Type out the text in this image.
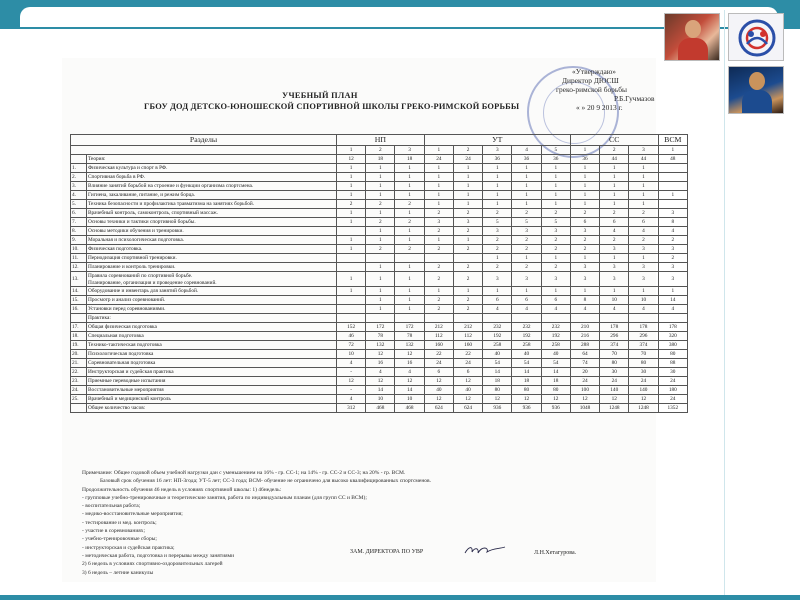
«Утверждаю»
Директор ДЮСШ
греко-римской борьбы
Р.Б.Гучмазов
« » 20 9 2013 г.
УЧЕБНЫЙ ПЛАН
ГБОУ ДОД ДЕТСКО-ЮНОШЕСКОЙ СПОРТИВНОЙ ШКОЛЫ ГРЕКО-РИМСКОЙ БОРЬБЫ
Разделы		НП			УТ					СС			ВСМ
		1	2	3	1	2	3	4	5	1	2	3	1

	Теория:	12	18	18	24	24	36	36	36	36	44	44	48
1.	Физическая культура и спорт в РФ.	1	1	1	1	1	1	1	1	1	1	1	
2.	Спортивная борьба в РФ.	1	1	1	1	1	1	1	1	1	1	1	
3.	Влияние занятий борьбой на строение и функции организма спортсмена.	1	1	1	1	1	1	1	1	1	1	1	
4.	Гигиена, закаливание, питание, и режим борца.	1	1	1	1	1	1	1	1	1	1	1	1
5.	Техника безопасности и профилактика травматизма на занятиях борьбой.	2	2	2	1	1	1	1	1	1	1	1	
6.	Врачебный контроль, самоконтроль, спортивный массаж.	1	1	1	2	2	2	2	2	2	2	2	3
7.	Основы техники и тактики спортивной борьбы.	1	2	2	3	3	5	5	5	6	6	6	8
8.	Основы методики обучения и тренировки.		1	1	2	2	3	3	3	3	4	4	4
9.	Моральная и психологическая подготовка.	1	1	1	1	1	2	2	2	2	2	2	2
10.	Физическая подготовка.	1	2	2	2	2	2	2	2	2	3	3	3
11.	Периодизация спортивной тренировки.						1	1	1	1	1	1	2
12.	Планирование и контроль тренировки.		1	1	2	2	2	2	2	3	3	3	3
13.	Правила соревнований по спортивной борьбе.
Планирование, организация и проведение соревнований.	1	1	1	2	2	3	3	3	3	3	3	3
14.	Оборудование и инвентарь для занятий борьбой.	1	1	1	1	1	1	1	1	1	1	1	1
15.	Просмотр и анализ соревнований.		1	1	2	2	6	6	6	8	10	10	14
16.	Установки перед соревнованиями.		1	1	2	2	4	4	4	4	4	4	4

	Практика:												

17.	Общая физическая подготовка	152	172	172	212	212	232	232	232	210	178	178	178
18.	Специальная подготовка	46	78	78	112	112	192	192	192	216	296	296	320
19.	Технико-тактическая подготовка	72	132	132	160	160	258	258	258	288	374	374	380
20.	Психологическая подготовка	10	12	12	22	22	40	40	40	64	70	70	80
21.	Соревновательная подготовка	4	16	16	24	24	54	54	54	74	80	80	88
22.	Инструкторская и судейская практика	-	4	4	6	6	14	14	14	20	30	30	30
23.	Приемные переводные испытания	12	12	12	12	12	18	18	18	24	24	24	24
24.	Восстановительные мероприятия	-	14	14	40	40	80	80	80	100	140	140	180
25.	Врачебный и медицинский контроль	4	10	10	12	12	12	12	12	12	12	12	24

	Общее количество часов:	312	468	468	624	624	936	936	936	1048	1248	1248	1352
Примечание: Общее годовой объем учебной нагрузки дан с уменьшением на 16% - гр. СС-1; на 14% - гр. СС-2 и СС-3; на 20% - гр. ВСМ.
Базовый срок обучения 16 лет: НП-3года; УТ-5 лет; СС-3 года; ВСМ- обучение не ограничено для высоко квалифицированных спортсменов.
Продолжительность обучения 46 недель в условиях спортивной школы: 1) 46недель:
- групповые учебно-тренировочные и теоретические занятия, работа по индивидуальным планам (для групп СС и ВСМ);
- воспитательная работа;
- медико-восстановительные мероприятия;
- тестирование и мед. контроль;
- участие в соревнованиях;
- учебно-тренировочные сборы;
- инструкторская и судейская практика;
- методическая работа, подготовка и перерывы между занятиями
2) 6 недель в условиях спортивно-оздоровительных лагерей
3) 6 недель – летние каникулы
ЗАМ. ДИРЕКТОРА ПО УВР	Л.Н.Хетагурова.
